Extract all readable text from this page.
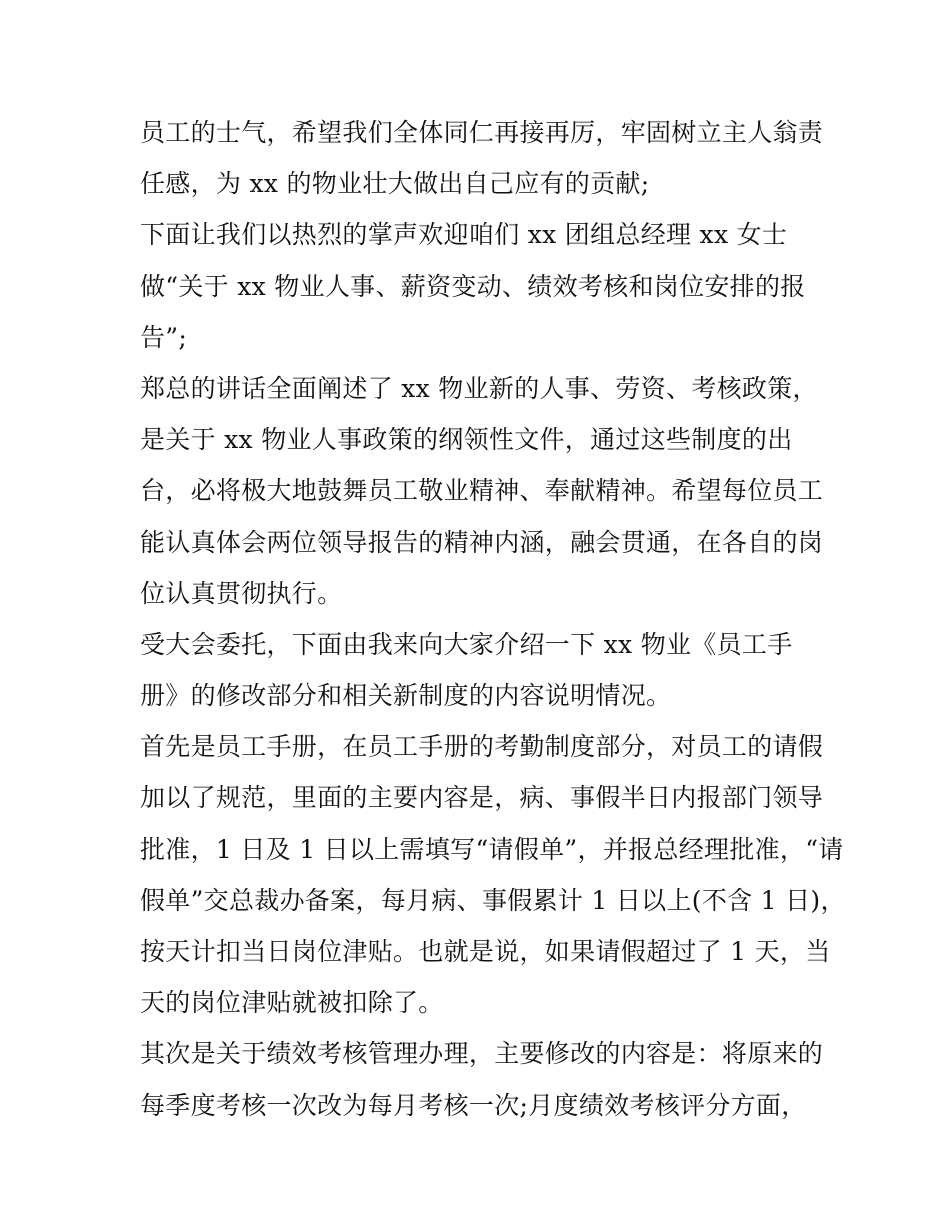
员工的士气，希望我们全体同仁再接再厉，牢固树立主人翁责
任感，为 xx 的物业壮大做出自己应有的贡献;
下面让我们以热烈的掌声欢迎咱们 xx 团组总经理 xx 女士
做“关于 xx 物业人事、薪资变动、绩效考核和岗位安排的报
告”;
郑总的讲话全面阐述了 xx 物业新的人事、劳资、考核政策，
是关于 xx 物业人事政策的纲领性文件，通过这些制度的出
台，必将极大地鼓舞员工敬业精神、奉献精神。希望每位员工
能认真体会两位领导报告的精神内涵，融会贯通，在各自的岗
位认真贯彻执行。
受大会委托，下面由我来向大家介绍一下 xx 物业《员工手
册》的修改部分和相关新制度的内容说明情况。
首先是员工手册，在员工手册的考勤制度部分，对员工的请假
加以了规范，里面的主要内容是，病、事假半日内报部门领导
批准，1 日及 1 日以上需填写“请假单”，并报总经理批准，“请
假单”交总裁办备案，每月病、事假累计 1 日以上(不含 1 日)，
按天计扣当日岗位津贴。也就是说，如果请假超过了 1 天，当
天的岗位津贴就被扣除了。
其次是关于绩效考核管理办理，主要修改的内容是：将原来的
每季度考核一次改为每月考核一次;月度绩效考核评分方面，
